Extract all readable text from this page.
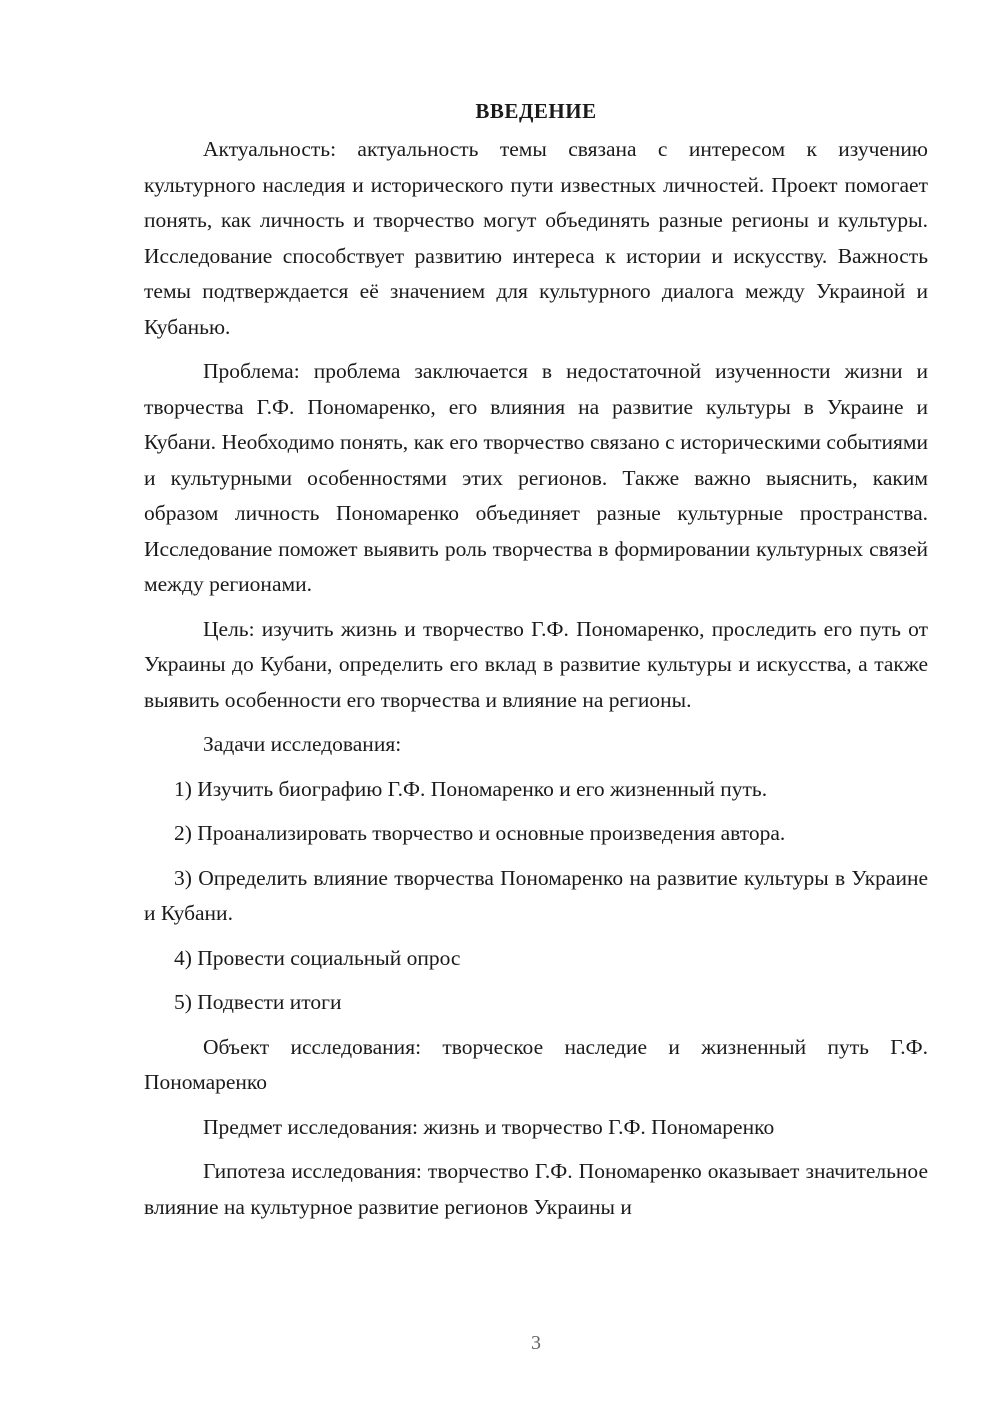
ВВЕДЕНИЕ

Актуальность: актуальность темы связана с интересом к изучению культурного наследия и исторического пути известных личностей. Проект помогает понять, как личность и творчество могут объединять разные регионы и культуры. Исследование способствует развитию интереса к истории и искусству. Важность темы подтверждается её значением для культурного диалога между Украиной и Кубанью.

Проблема: проблема заключается в недостаточной изученности жизни и творчества Г.Ф. Пономаренко, его влияния на развитие культуры в Украине и Кубани. Необходимо понять, как его творчество связано с историческими событиями и культурными особенностями этих регионов. Также важно выяснить, каким образом личность Пономаренко объединяет разные культурные пространства. Исследование поможет выявить роль творчества в формировании культурных связей между регионами.

Цель: изучить жизнь и творчество Г.Ф. Пономаренко, проследить его путь от Украины до Кубани, определить его вклад в развитие культуры и искусства, а также выявить особенности его творчества и влияние на регионы.

Задачи исследования:

1) Изучить биографию Г.Ф. Пономаренко и его жизненный путь.

2) Проанализировать творчество и основные произведения автора.

3) Определить влияние творчества Пономаренко на развитие культуры в Украине и Кубани.

4) Провести социальный опрос

5) Подвести итоги

Объект исследования: творческое наследие и жизненный путь Г.Ф. Пономаренко

Предмет исследования: жизнь и творчество Г.Ф. Пономаренко

Гипотеза исследования: творчество Г.Ф. Пономаренко оказывает значительное влияние на культурное развитие регионов Украины и

3
